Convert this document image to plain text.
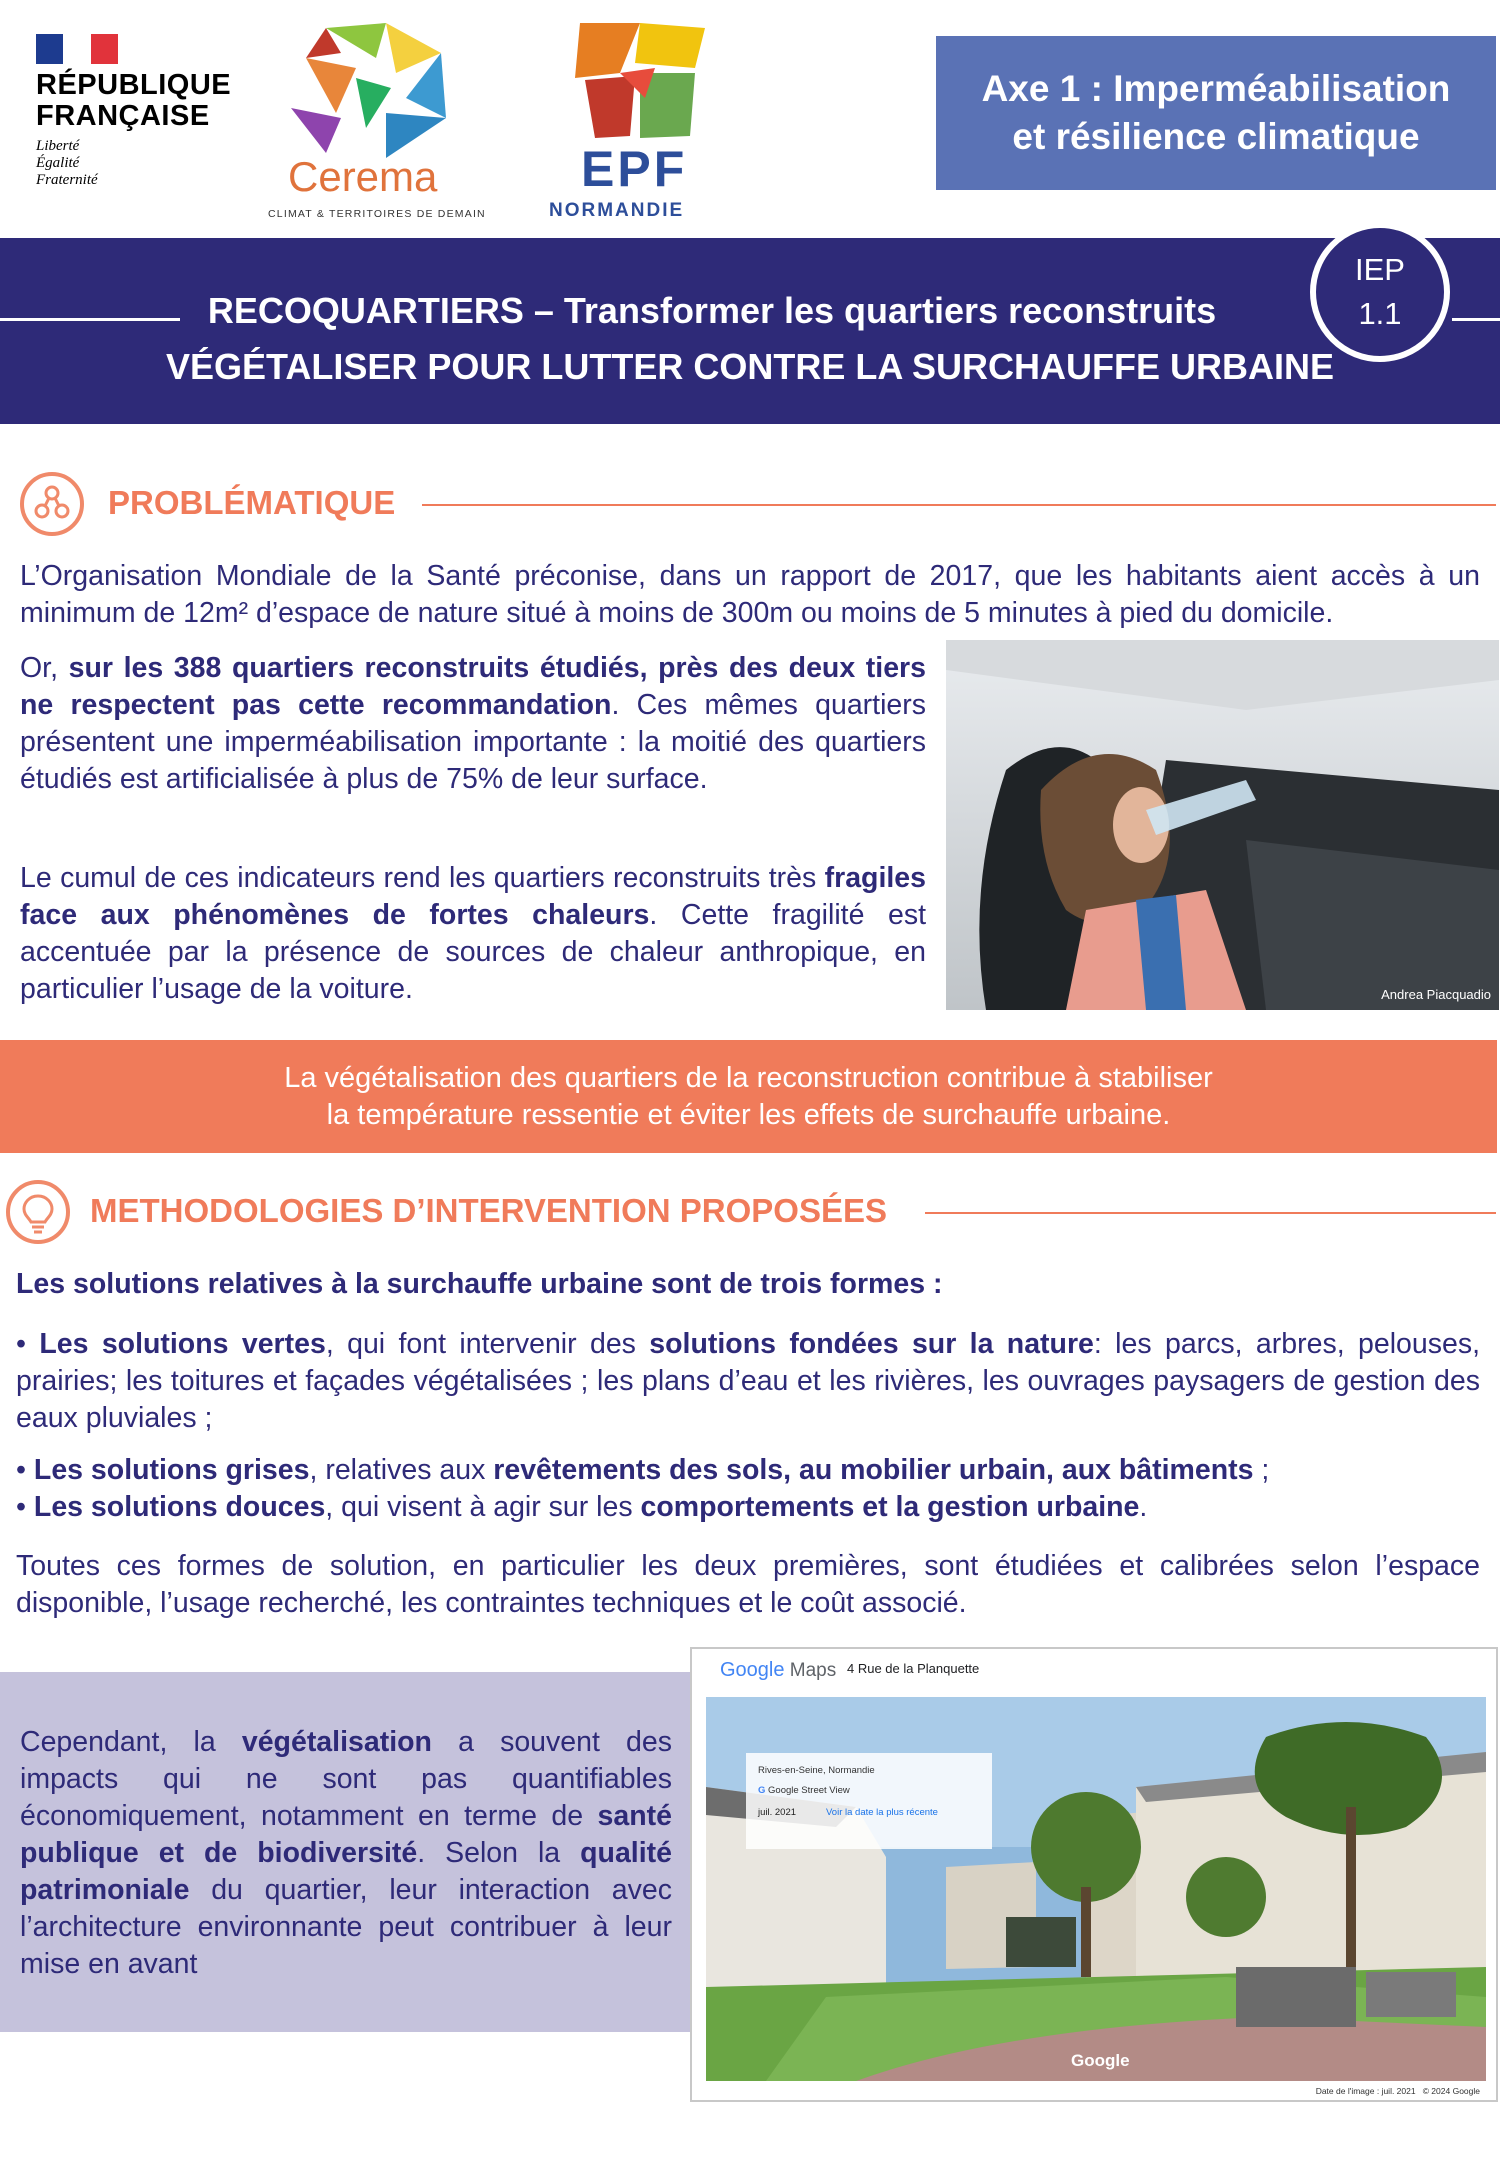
RÉPUBLIQUE
FRANÇAISE
Liberté
Égalité
Fraternité	Cerema
CLIMAT & TERRITOIRES DE DEMAIN
EPF
NORMANDIE
Axe 1 : Imperméabilisation
et résilience climatique
RECOQUARTIERS – Transformer les quartiers reconstruits
VÉGÉTALISER POUR LUTTER CONTRE LA SURCHAUFFE URBAINE
IEP
1.1
PROBLÉMATIQUE
L’Organisation Mondiale de la Santé préconise, dans un rapport de 2017, que les habitants aient accès à un minimum de 12m² d’espace de nature situé à moins de 300m ou moins de 5 minutes à pied du domicile.
Or, sur les 388 quartiers reconstruits étudiés, près des deux tiers ne respectent pas cette recommandation. Ces mêmes quartiers présentent une imperméabilisation importante : la moitié des quartiers étudiés est artificialisée à plus de 75% de leur surface.
Le cumul de ces indicateurs rend les quartiers reconstruits très fragiles face aux phénomènes de fortes chaleurs. Cette fragilité est accentuée par la présence de sources de chaleur anthropique, en particulier l’usage de la voiture.	Andrea Piacquadio
La végétalisation des quartiers de la reconstruction contribue à stabiliser
la température ressentie et éviter les effets de surchauffe urbaine.
METHODOLOGIES D’INTERVENTION PROPOSÉES
Les solutions relatives à la surchauffe urbaine sont de trois formes :
• Les solutions vertes, qui font intervenir des solutions fondées sur la nature: les parcs, arbres, pelouses, prairies; les toitures et façades végétalisées ; les plans d’eau et les rivières, les ouvrages paysagers de gestion des eaux pluviales ;
• Les solutions grises, relatives aux revêtements des sols, au mobilier urbain, aux bâtiments ;
• Les solutions douces, qui visent à agir sur les comportements et la gestion urbaine.
Toutes ces formes de solution, en particulier les deux premières, sont étudiées et calibrées selon l’espace disponible, l’usage recherché, les contraintes techniques et le coût associé.
Cependant, la végétalisation a souvent des impacts qui ne sont pas quantifiables économiquement, notamment en terme de santé publique et de biodiversité. Selon la qualité patrimoniale du quartier, leur interaction avec l’architecture environnante peut contribuer à leur mise en avant
Google Maps 4 Rue de la Planquette
Rives-en-Seine, Normandie
G Google Street View
juil. 2021	Voir la date la plus récente
Google
Date de l'image : juil. 2021 © 2024 Google
